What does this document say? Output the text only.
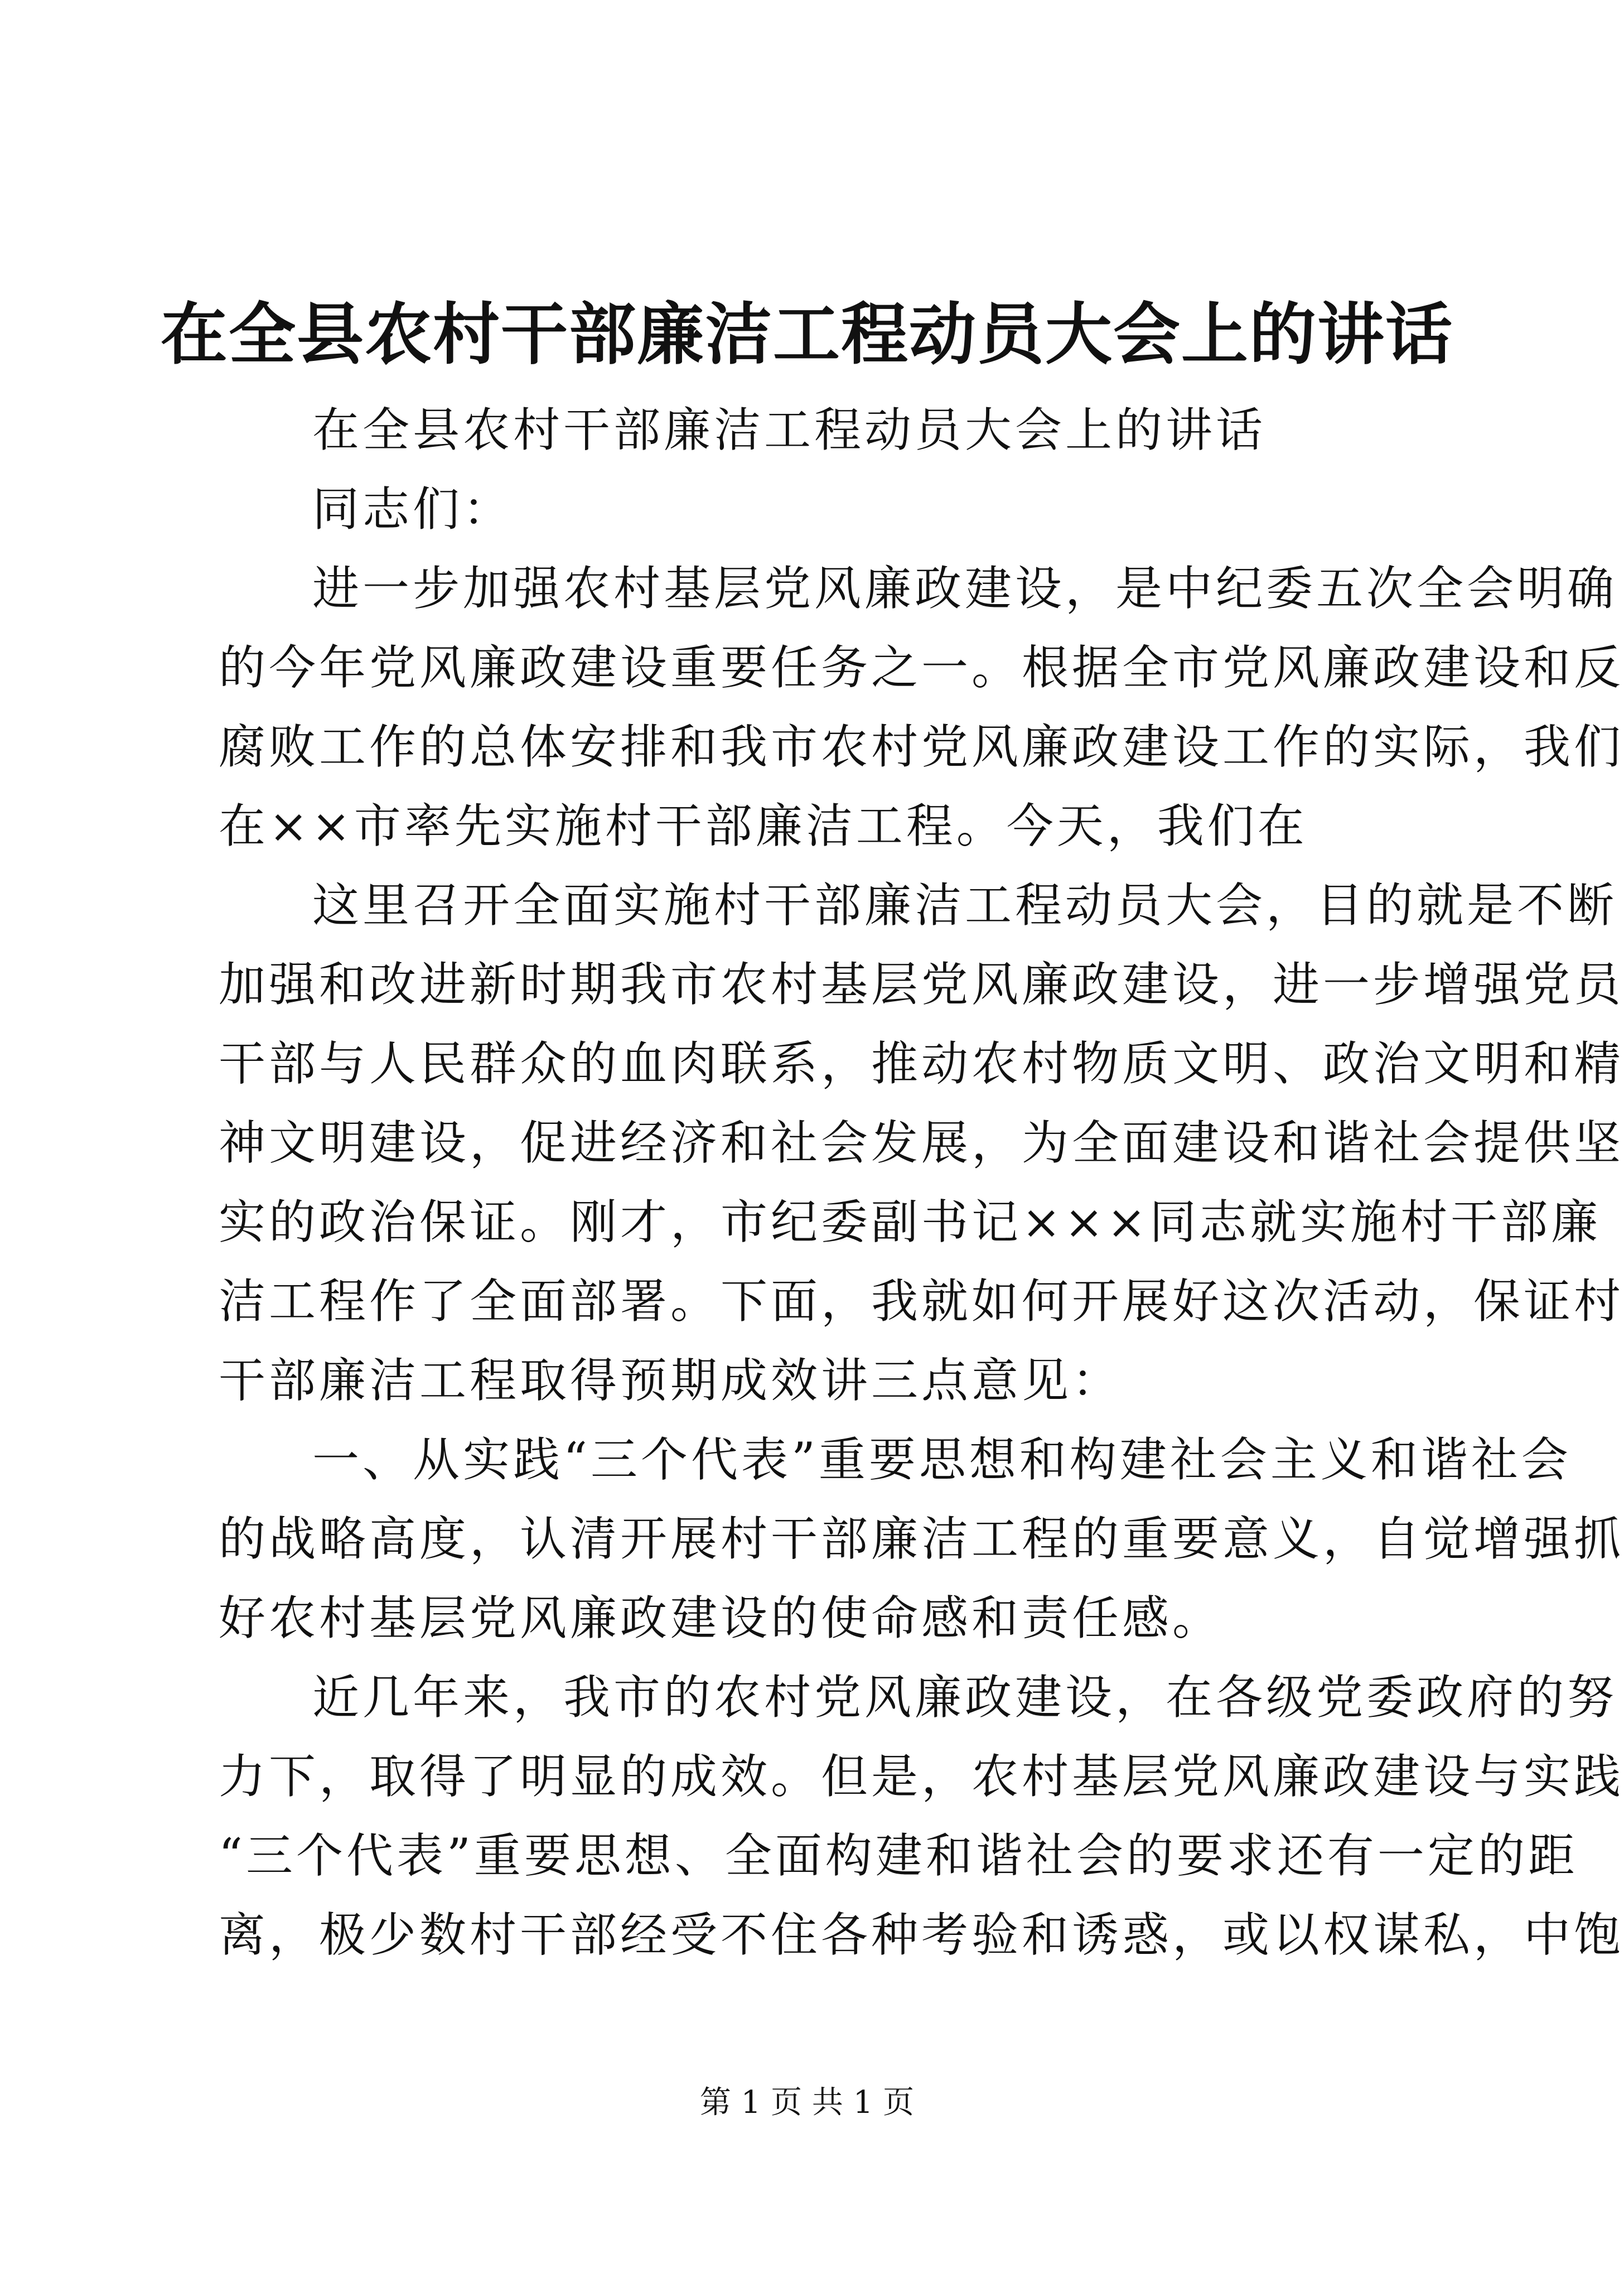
在全县农村干部廉洁工程动员大会上的讲话
在全县农村干部廉洁工程动员大会上的讲话
同志们：
进一步加强农村基层党风廉政建设，是中纪委五次全会明确
的今年党风廉政建设重要任务之一。根据全市党风廉政建设和反
腐败工作的总体安排和我市农村党风廉政建设工作的实际，我们
在××市率先实施村干部廉洁工程。今天，我们在
这里召开全面实施村干部廉洁工程动员大会，目的就是不断
加强和改进新时期我市农村基层党风廉政建设，进一步增强党员
干部与人民群众的血肉联系，推动农村物质文明、政治文明和精
神文明建设，促进经济和社会发展，为全面建设和谐社会提供坚
实的政治保证。刚才，市纪委副书记×××同志就实施村干部廉
洁工程作了全面部署。下面，我就如何开展好这次活动，保证村
干部廉洁工程取得预期成效讲三点意见：
一、从实践“三个代表”重要思想和构建社会主义和谐社会
的战略高度，认清开展村干部廉洁工程的重要意义，自觉增强抓
好农村基层党风廉政建设的使命感和责任感。
近几年来，我市的农村党风廉政建设，在各级党委政府的努
力下，取得了明显的成效。但是，农村基层党风廉政建设与实践
“三个代表”重要思想、全面构建和谐社会的要求还有一定的距
离，极少数村干部经受不住各种考验和诱惑，或以权谋私，中饱
第 1 页 共 1 页
